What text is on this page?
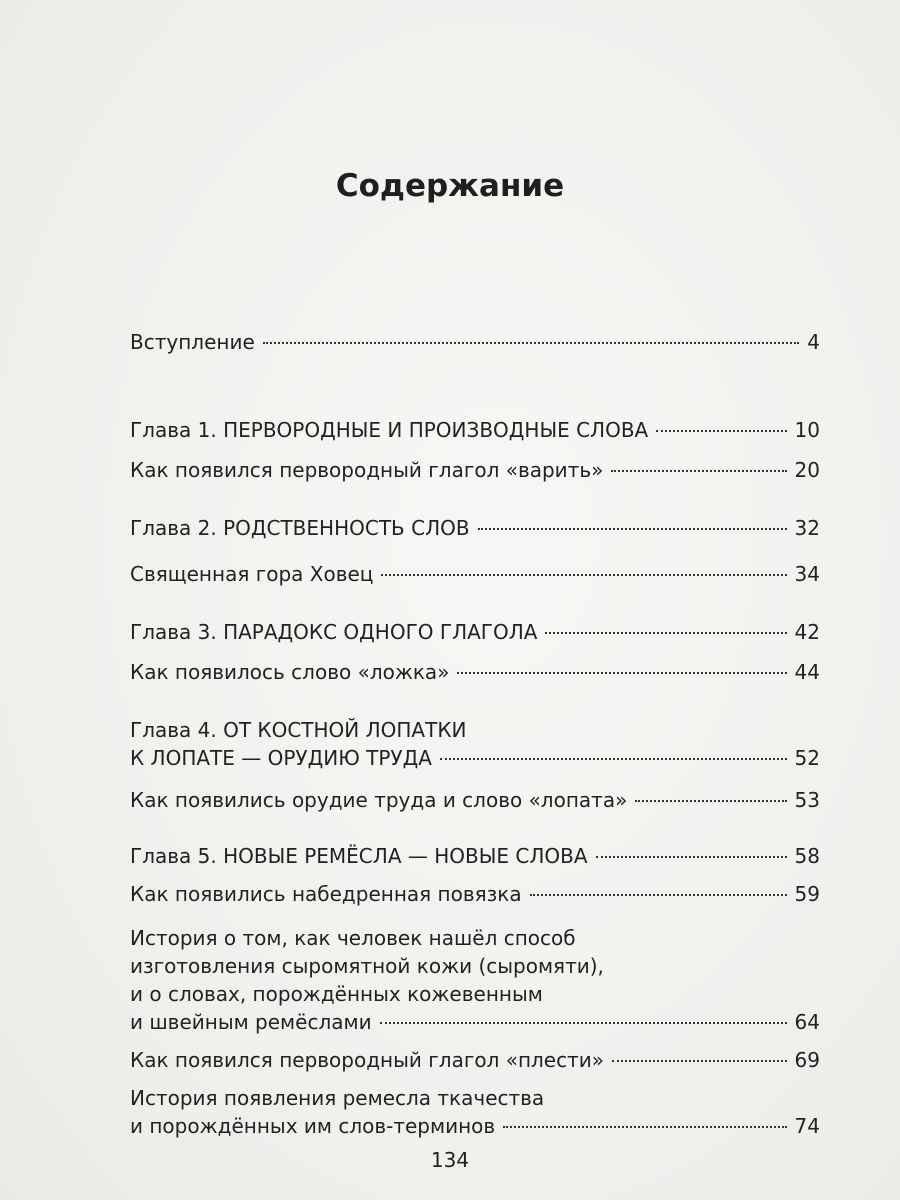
Содержание
Вступление	4
Глава 1. ПЕРВОРОДНЫЕ И ПРОИЗВОДНЫЕ СЛОВА	10
Как появился первородный глагол «варить»	20
Глава 2. РОДСТВЕННОСТЬ СЛОВ	32
Священная гора Ховец	34
Глава 3. ПАРАДОКС ОДНОГО ГЛАГОЛА	42
Как появилось слово «ложка»	44
Глава 4. ОТ КОСТНОЙ ЛОПАТКИ
К ЛОПАТЕ — ОРУДИЮ ТРУДА	52
Как появились орудие труда и слово «лопата»	53
Глава 5. НОВЫЕ РЕМЁСЛА — НОВЫЕ СЛОВА	58
Как появились набедренная повязка	59
История о том, как человек нашёл способ
изготовления сыромятной кожи (сыромяти),
и о словах, порождённых кожевенным
и швейным ремёслами	64
Как появился первородный глагол «плести»	69
История появления ремесла ткачества
и порождённых им слов-терминов	74
134
